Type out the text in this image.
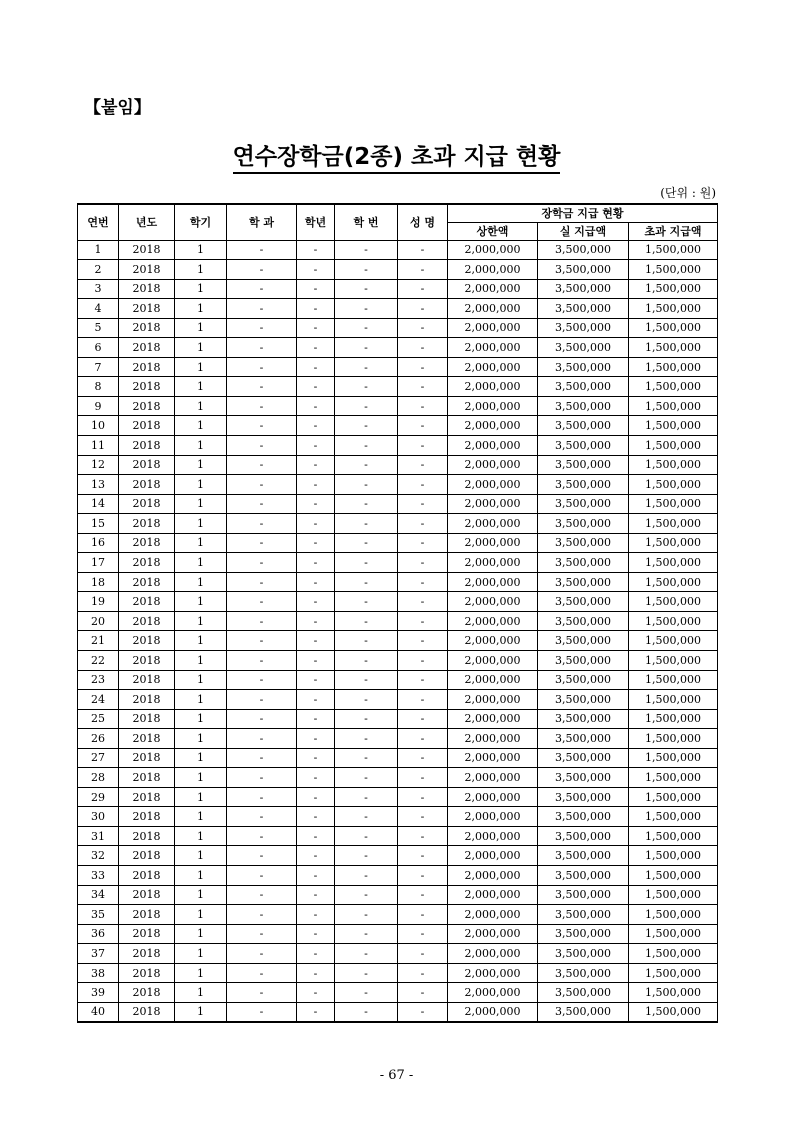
【붙임】
연수장학금(2종) 초과 지급 현황
(단위 : 원)
연번	년도	학기	학 과	학년	학 번	성 명	장학금 지급 현황		
							상한액	실 지급액	초과 지급액
1	2018	1	-	-	-	-	2,000,000	3,500,000	1,500,000
2	2018	1	-	-	-	-	2,000,000	3,500,000	1,500,000
3	2018	1	-	-	-	-	2,000,000	3,500,000	1,500,000
4	2018	1	-	-	-	-	2,000,000	3,500,000	1,500,000
5	2018	1	-	-	-	-	2,000,000	3,500,000	1,500,000
6	2018	1	-	-	-	-	2,000,000	3,500,000	1,500,000
7	2018	1	-	-	-	-	2,000,000	3,500,000	1,500,000
8	2018	1	-	-	-	-	2,000,000	3,500,000	1,500,000
9	2018	1	-	-	-	-	2,000,000	3,500,000	1,500,000
10	2018	1	-	-	-	-	2,000,000	3,500,000	1,500,000
11	2018	1	-	-	-	-	2,000,000	3,500,000	1,500,000
12	2018	1	-	-	-	-	2,000,000	3,500,000	1,500,000
13	2018	1	-	-	-	-	2,000,000	3,500,000	1,500,000
14	2018	1	-	-	-	-	2,000,000	3,500,000	1,500,000
15	2018	1	-	-	-	-	2,000,000	3,500,000	1,500,000
16	2018	1	-	-	-	-	2,000,000	3,500,000	1,500,000
17	2018	1	-	-	-	-	2,000,000	3,500,000	1,500,000
18	2018	1	-	-	-	-	2,000,000	3,500,000	1,500,000
19	2018	1	-	-	-	-	2,000,000	3,500,000	1,500,000
20	2018	1	-	-	-	-	2,000,000	3,500,000	1,500,000
21	2018	1	-	-	-	-	2,000,000	3,500,000	1,500,000
22	2018	1	-	-	-	-	2,000,000	3,500,000	1,500,000
23	2018	1	-	-	-	-	2,000,000	3,500,000	1,500,000
24	2018	1	-	-	-	-	2,000,000	3,500,000	1,500,000
25	2018	1	-	-	-	-	2,000,000	3,500,000	1,500,000
26	2018	1	-	-	-	-	2,000,000	3,500,000	1,500,000
27	2018	1	-	-	-	-	2,000,000	3,500,000	1,500,000
28	2018	1	-	-	-	-	2,000,000	3,500,000	1,500,000
29	2018	1	-	-	-	-	2,000,000	3,500,000	1,500,000
30	2018	1	-	-	-	-	2,000,000	3,500,000	1,500,000
31	2018	1	-	-	-	-	2,000,000	3,500,000	1,500,000
32	2018	1	-	-	-	-	2,000,000	3,500,000	1,500,000
33	2018	1	-	-	-	-	2,000,000	3,500,000	1,500,000
34	2018	1	-	-	-	-	2,000,000	3,500,000	1,500,000
35	2018	1	-	-	-	-	2,000,000	3,500,000	1,500,000
36	2018	1	-	-	-	-	2,000,000	3,500,000	1,500,000
37	2018	1	-	-	-	-	2,000,000	3,500,000	1,500,000
38	2018	1	-	-	-	-	2,000,000	3,500,000	1,500,000
39	2018	1	-	-	-	-	2,000,000	3,500,000	1,500,000
40	2018	1	-	-	-	-	2,000,000	3,500,000	1,500,000
- 67 -
